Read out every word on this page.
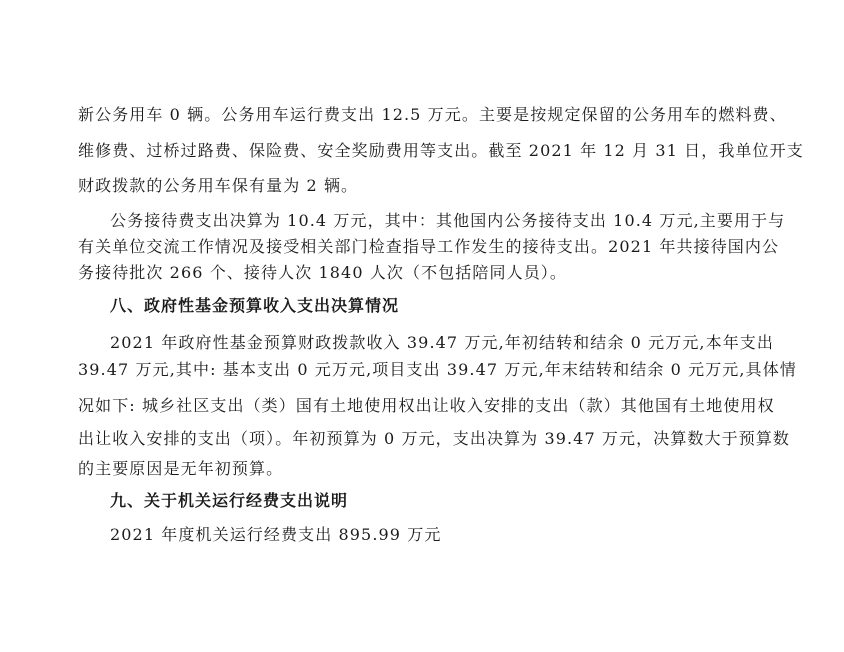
新公务用车 0 辆。公务用车运行费支出 12.5 万元。主要是按规定保留的公务用车的燃料费、
维修费、过桥过路费、保险费、安全奖励费用等支出。截至 2021 年 12 月 31 日，我单位开支
财政拨款的公务用车保有量为 2 辆。
公务接待费支出决算为 10.4 万元，其中：其他国内公务接待支出 10.4 万元,主要用于与
有关单位交流工作情况及接受相关部门检查指导工作发生的接待支出。2021 年共接待国内公
务接待批次 266 个、接待人次 1840 人次（不包括陪同人员）。
八、政府性基金预算收入支出决算情况
2021 年政府性基金预算财政拨款收入 39.47 万元,年初结转和结余 0 元万元,本年支出
39.47 万元,其中: 基本支出 0 元万元,项目支出 39.47 万元,年末结转和结余 0 元万元,具体情
况如下: 城乡社区支出（类）国有土地使用权出让收入安排的支出（款）其他国有土地使用权
出让收入安排的支出（项）。年初预算为 0 万元，支出决算为 39.47 万元，决算数大于预算数
的主要原因是无年初预算。
九、关于机关运行经费支出说明
2021 年度机关运行经费支出 895.99 万元
